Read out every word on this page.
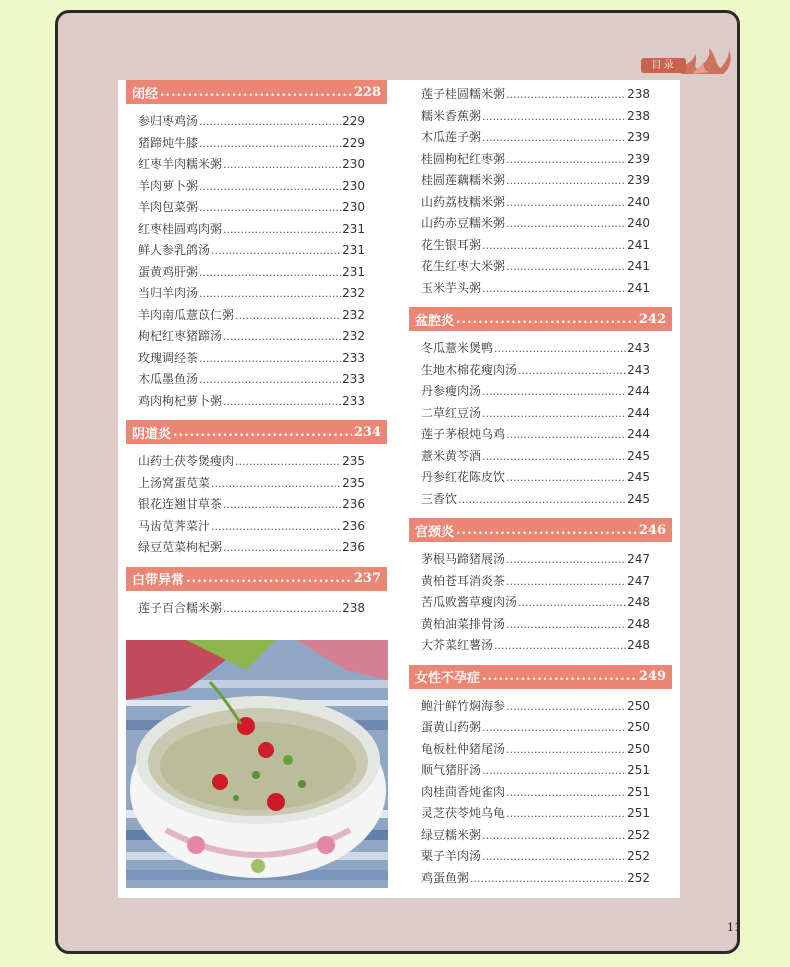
目录
闭经 .....	228
参归枣鸡汤 .....	229
猪蹄炖牛膝 .....	229
红枣羊肉糯米粥 .....	230
羊肉萝卜粥 .....	230
羊肉包菜粥 .....	230
红枣桂圆鸡肉粥 .....	231
鲜人参乳鸽汤 .....	231
蛋黄鸡肝粥 .....	231
当归羊肉汤 .....	232
羊肉南瓜薏苡仁粥 .....	232
枸杞红枣猪蹄汤 .....	232
玫瑰调经茶 .....	233
木瓜墨鱼汤 .....	233
鸡肉枸杞萝卜粥 .....	233
阴道炎 .....	234
山药土茯苓煲瘦肉 .....	235
上汤窝蛋苋菜 .....	235
银花连翘甘草茶 .....	236
马齿苋荠菜汁 .....	236
绿豆苋菜枸杞粥 .....	236
白带异常 .....	237
莲子百合糯米粥 .....	238
莲子桂圆糯米粥 .....	238
糯米香蕉粥 .....	238
木瓜莲子粥 .....	239
桂圆枸杞红枣粥 .....	239
桂圆莲藕糯米粥 .....	239
山药荔枝糯米粥 .....	240
山药赤豆糯米粥 .....	240
花生银耳粥 .....	241
花生红枣大米粥 .....	241
玉米芋头粥 .....	241
盆腔炎 .....	242
冬瓜薏米煲鸭 .....	243
生地木棉花瘦肉汤 .....	243
丹参瘦肉汤 .....	244
二草红豆汤 .....	244
莲子茅根炖乌鸡 .....	244
薏米黄芩酒 .....	245
丹参红花陈皮饮 .....	245
三香饮 .....	245
宫颈炎 .....	246
茅根马蹄猪展汤 .....	247
黄柏苍耳消炎茶 .....	247
苦瓜败酱草瘦肉汤 .....	248
黄柏油菜排骨汤 .....	248
大芥菜红薯汤 .....	248
女性不孕症 .....	249
鲍汁鲜竹焖海参 .....	250
蛋黄山药粥 .....	250
龟板杜仲猪尾汤 .....	250
顺气猪肝汤 .....	251
肉桂茴香炖雀肉 .....	251
灵芝茯苓炖乌龟 .....	251
绿豆糯米粥 .....	252
栗子羊肉汤 .....	252
鸡蛋鱼粥 .....	252
11
